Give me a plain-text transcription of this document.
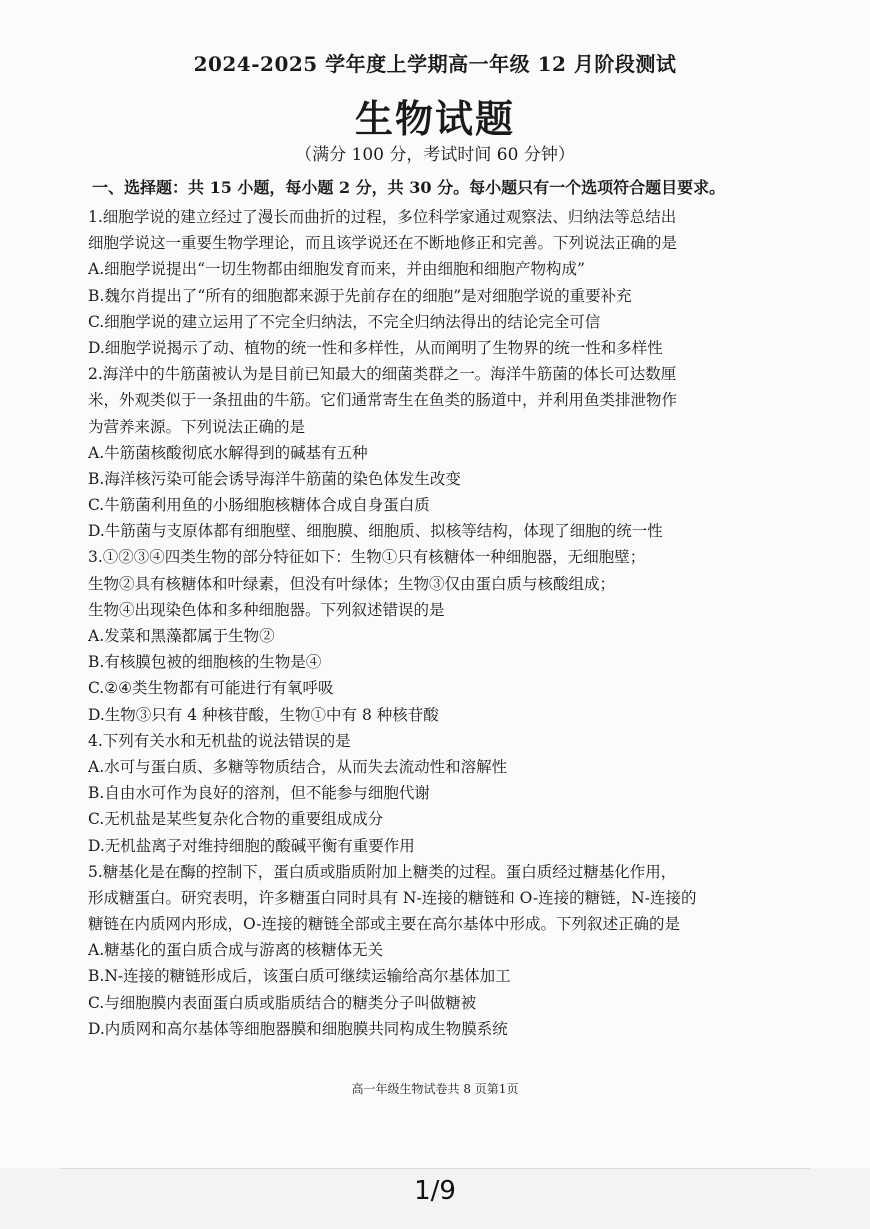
2024-2025 学年度上学期高一年级 12 月阶段测试
生物试题
（满分 100 分，考试时间 60 分钟）
一、选择题：共 15 小题，每小题 2 分，共 30 分。每小题只有一个选项符合题目要求。
1.细胞学说的建立经过了漫长而曲折的过程，多位科学家通过观察法、归纳法等总结出
细胞学说这一重要生物学理论，而且该学说还在不断地修正和完善。下列说法正确的是
A.细胞学说提出“一切生物都由细胞发育而来，并由细胞和细胞产物构成”
B.魏尔肖提出了“所有的细胞都来源于先前存在的细胞”是对细胞学说的重要补充
C.细胞学说的建立运用了不完全归纳法，不完全归纳法得出的结论完全可信
D.细胞学说揭示了动、植物的统一性和多样性，从而阐明了生物界的统一性和多样性
2.海洋中的牛筋菌被认为是目前已知最大的细菌类群之一。海洋牛筋菌的体长可达数厘
米，外观类似于一条扭曲的牛筋。它们通常寄生在鱼类的肠道中，并利用鱼类排泄物作
为营养来源。下列说法正确的是
A.牛筋菌核酸彻底水解得到的碱基有五种
B.海洋核污染可能会诱导海洋牛筋菌的染色体发生改变
C.牛筋菌利用鱼的小肠细胞核糖体合成自身蛋白质
D.牛筋菌与支原体都有细胞壁、细胞膜、细胞质、拟核等结构，体现了细胞的统一性
3.①②③④四类生物的部分特征如下：生物①只有核糖体一种细胞器，无细胞壁；
生物②具有核糖体和叶绿素，但没有叶绿体；生物③仅由蛋白质与核酸组成；
生物④出现染色体和多种细胞器。下列叙述错误的是
A.发菜和黑藻都属于生物②
B.有核膜包被的细胞核的生物是④
C.②④类生物都有可能进行有氧呼吸
D.生物③只有 4 种核苷酸，生物①中有 8 种核苷酸
4.下列有关水和无机盐的说法错误的是
A.水可与蛋白质、多糖等物质结合，从而失去流动性和溶解性
B.自由水可作为良好的溶剂，但不能参与细胞代谢
C.无机盐是某些复杂化合物的重要组成成分
D.无机盐离子对维持细胞的酸碱平衡有重要作用
5.糖基化是在酶的控制下，蛋白质或脂质附加上糖类的过程。蛋白质经过糖基化作用，
形成糖蛋白。研究表明，许多糖蛋白同时具有 N-连接的糖链和 O-连接的糖链，N-连接的
糖链在内质网内形成，O-连接的糖链全部或主要在高尔基体中形成。下列叙述正确的是
A.糖基化的蛋白质合成与游离的核糖体无关
B.N-连接的糖链形成后，该蛋白质可继续运输给高尔基体加工
C.与细胞膜内表面蛋白质或脂质结合的糖类分子叫做糖被
D.内质网和高尔基体等细胞器膜和细胞膜共同构成生物膜系统
高一年级生物试卷共 8 页第1页
1/9
